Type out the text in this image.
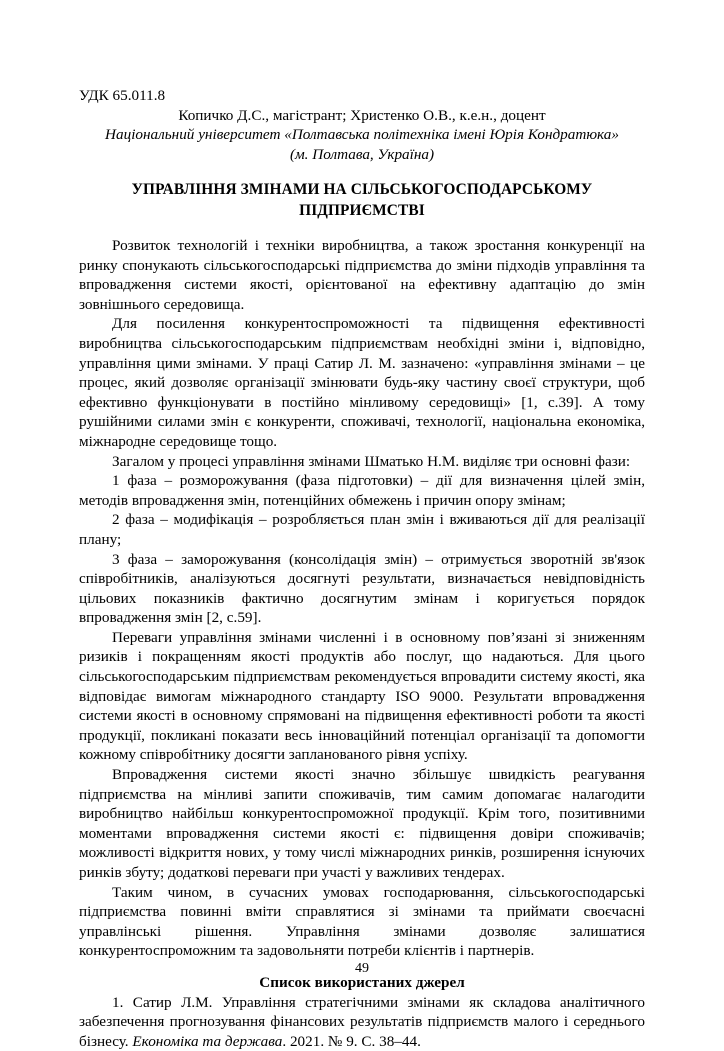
УДК 65.011.8
Копичко Д.С., магістрант; Христенко О.В., к.е.н., доцент
Національний університет «Полтавська політехніка імені Юрія Кондратюка»
(м. Полтава, Україна)
УПРАВЛІННЯ ЗМІНАМИ НА СІЛЬСЬКОГОСПОДАРСЬКОМУ ПІДПРИЄМСТВІ

Розвиток технологій і техніки виробництва, а також зростання конкуренції на ринку спонукають сільськогосподарські підприємства до зміни підходів управління та впровадження системи якості, орієнтованої на ефективну адаптацію до змін зовнішнього середовища.

Для посилення конкурентоспроможності та підвищення ефективності виробництва сільськогосподарським підприємствам необхідні зміни і, відповідно, управління цими змінами. У праці Сатир Л. М. зазначено: «управління змінами – це процес, який дозволяє організації змінювати будь-яку частину своєї структури, щоб ефективно функціонувати в постійно мінливому середовищі» [1, с.39]. А тому рушійними силами змін є конкуренти, споживачі, технології, національна економіка, міжнародне середовище тощо.

Загалом у процесі управління змінами Шматько Н.М. виділяє три основні фази:

1 фаза – розморожування (фаза підготовки) – дії для визначення цілей змін, методів впровадження змін, потенційних обмежень і причин опору змінам;

2 фаза – модифікація – розробляється план змін і вживаються дії для реалізації плану;

3 фаза – заморожування (консолідація змін) – отримується зворотній зв'язок співробітників, аналізуються досягнуті результати, визначається невідповідність цільових показників фактично досягнутим змінам і коригується порядок впровадження змін [2, с.59].

Переваги управління змінами численні і в основному пов’язані зі зниженням ризиків і покращенням якості продуктів або послуг, що надаються. Для цього сільськогосподарським підприємствам рекомендується впровадити систему якості, яка відповідає вимогам міжнародного стандарту ISO 9000. Результати впровадження системи якості в основному спрямовані на підвищення ефективності роботи та якості продукції, покликані показати весь інноваційний потенціал організації та допомогти кожному співробітнику досягти запланованого рівня успіху.

Впровадження системи якості значно збільшує швидкість реагування підприємства на мінливі запити споживачів, тим самим допомагає налагодити виробництво найбільш конкурентоспроможної продукції. Крім того, позитивними моментами впровадження системи якості є: підвищення довіри споживачів; можливості відкриття нових, у тому числі міжнародних ринків, розширення існуючих ринків збуту; додаткові переваги при участі у важливих тендерах.

Таким чином, в сучасних умовах господарювання, сільськогосподарські підприємства повинні вміти справлятися зі змінами та приймати своєчасні управлінські рішення. Управління змінами дозволяє залишатися конкурентоспроможним та задовольняти потреби клієнтів і партнерів.

Список використаних джерел

1. Сатир Л.М. Управління стратегічними змінами як складова аналітичного забезпечення прогнозування фінансових результатів підприємств малого і середнього бізнесу. Економіка та держава. 2021. № 9. С. 38–44.

49
